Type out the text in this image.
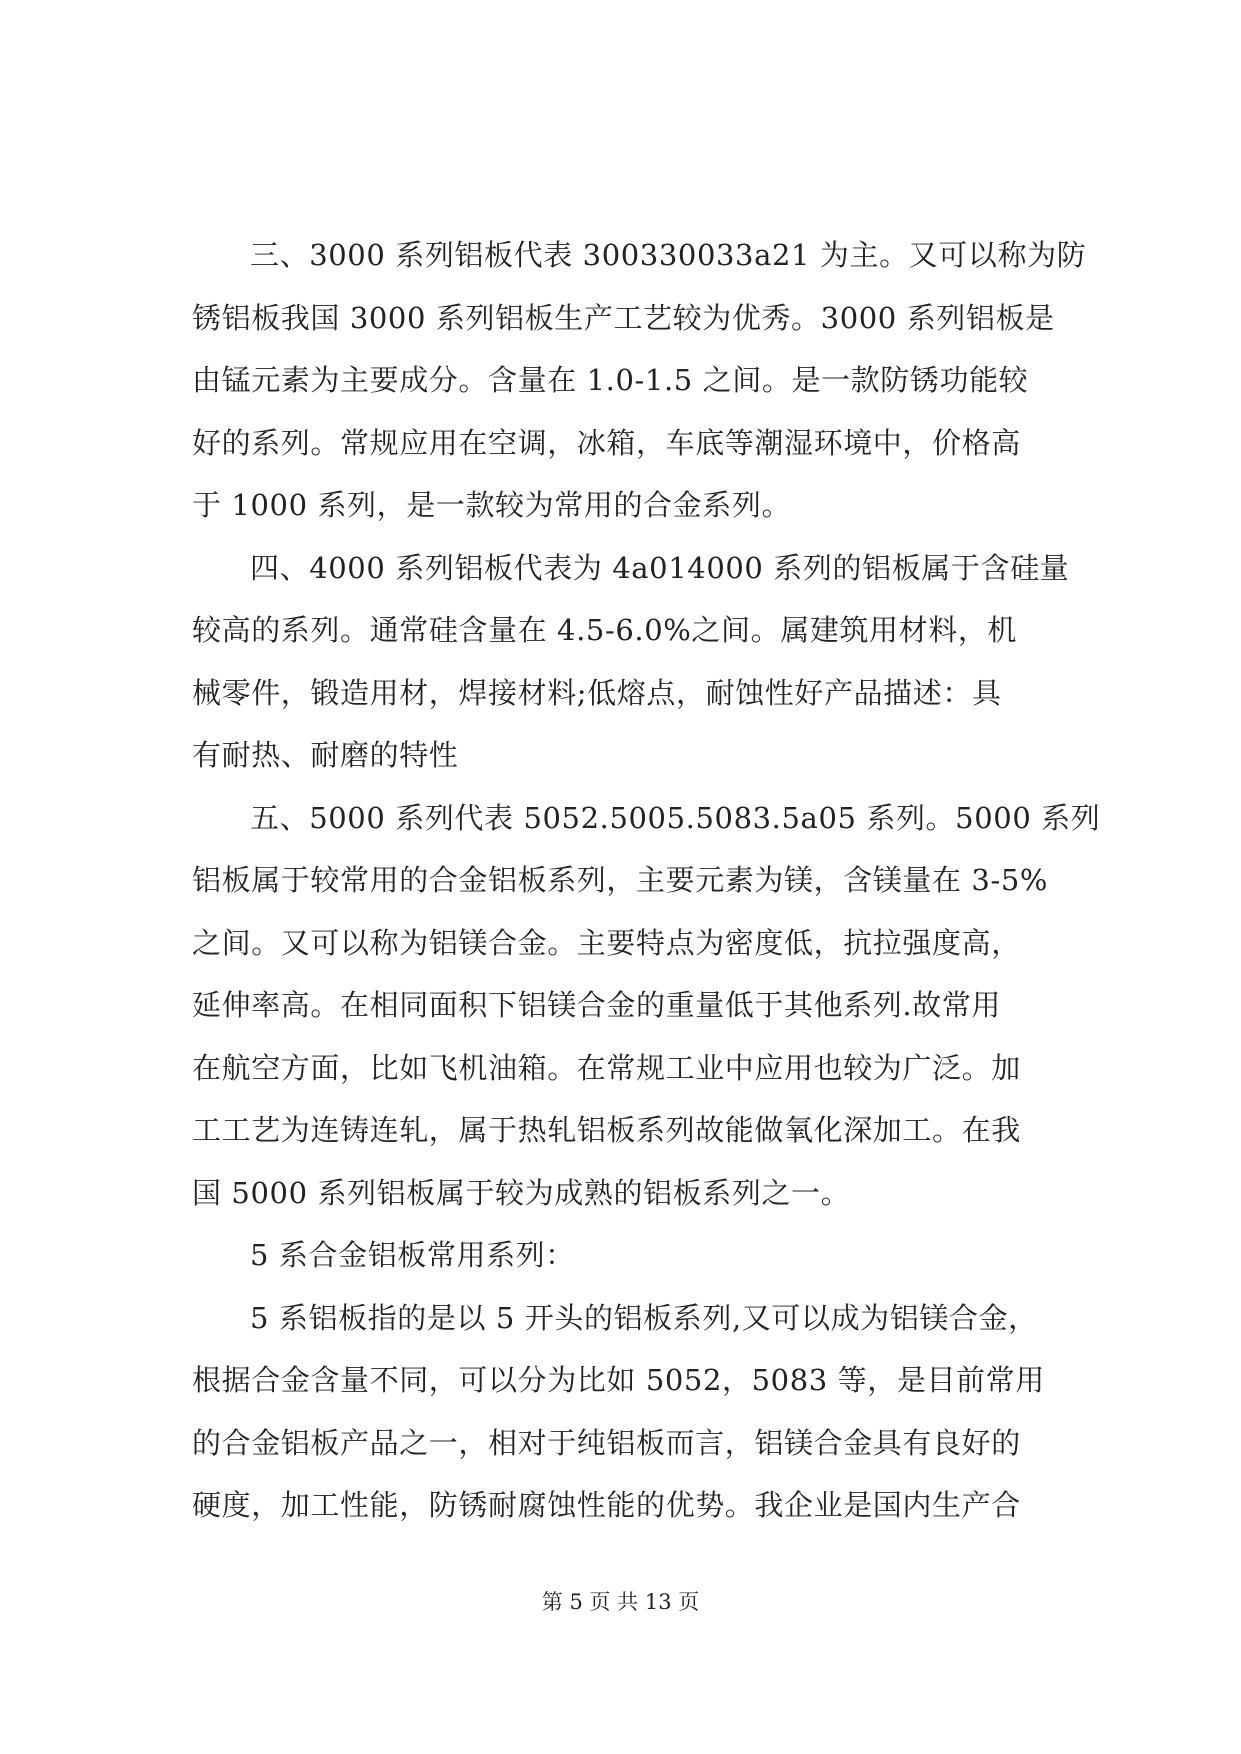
三、3000 系列铝板代表 300330033a21 为主。又可以称为防
锈铝板我国 3000 系列铝板生产工艺较为优秀。3000 系列铝板是
由锰元素为主要成分。含量在 1.0-1.5 之间。是一款防锈功能较
好的系列。常规应用在空调，冰箱，车底等潮湿环境中，价格高
于 1000 系列，是一款较为常用的合金系列。

四、4000 系列铝板代表为 4a014000 系列的铝板属于含硅量
较高的系列。通常硅含量在 4.5-6.0%之间。属建筑用材料，机
械零件，锻造用材，焊接材料;低熔点，耐蚀性好产品描述：具
有耐热、耐磨的特性

五、5000 系列代表 5052.5005.5083.5a05 系列。5000 系列
铝板属于较常用的合金铝板系列，主要元素为镁，含镁量在 3-5%
之间。又可以称为铝镁合金。主要特点为密度低，抗拉强度高，
延伸率高。在相同面积下铝镁合金的重量低于其他系列.故常用
在航空方面，比如飞机油箱。在常规工业中应用也较为广泛。加
工工艺为连铸连轧，属于热轧铝板系列故能做氧化深加工。在我
国 5000 系列铝板属于较为成熟的铝板系列之一。

5 系合金铝板常用系列：

5 系铝板指的是以 5 开头的铝板系列,又可以成为铝镁合金，
根据合金含量不同，可以分为比如 5052，5083 等，是目前常用
的合金铝板产品之一，相对于纯铝板而言，铝镁合金具有良好的
硬度，加工性能，防锈耐腐蚀性能的优势。我企业是国内生产合

第 5 页 共 13 页
